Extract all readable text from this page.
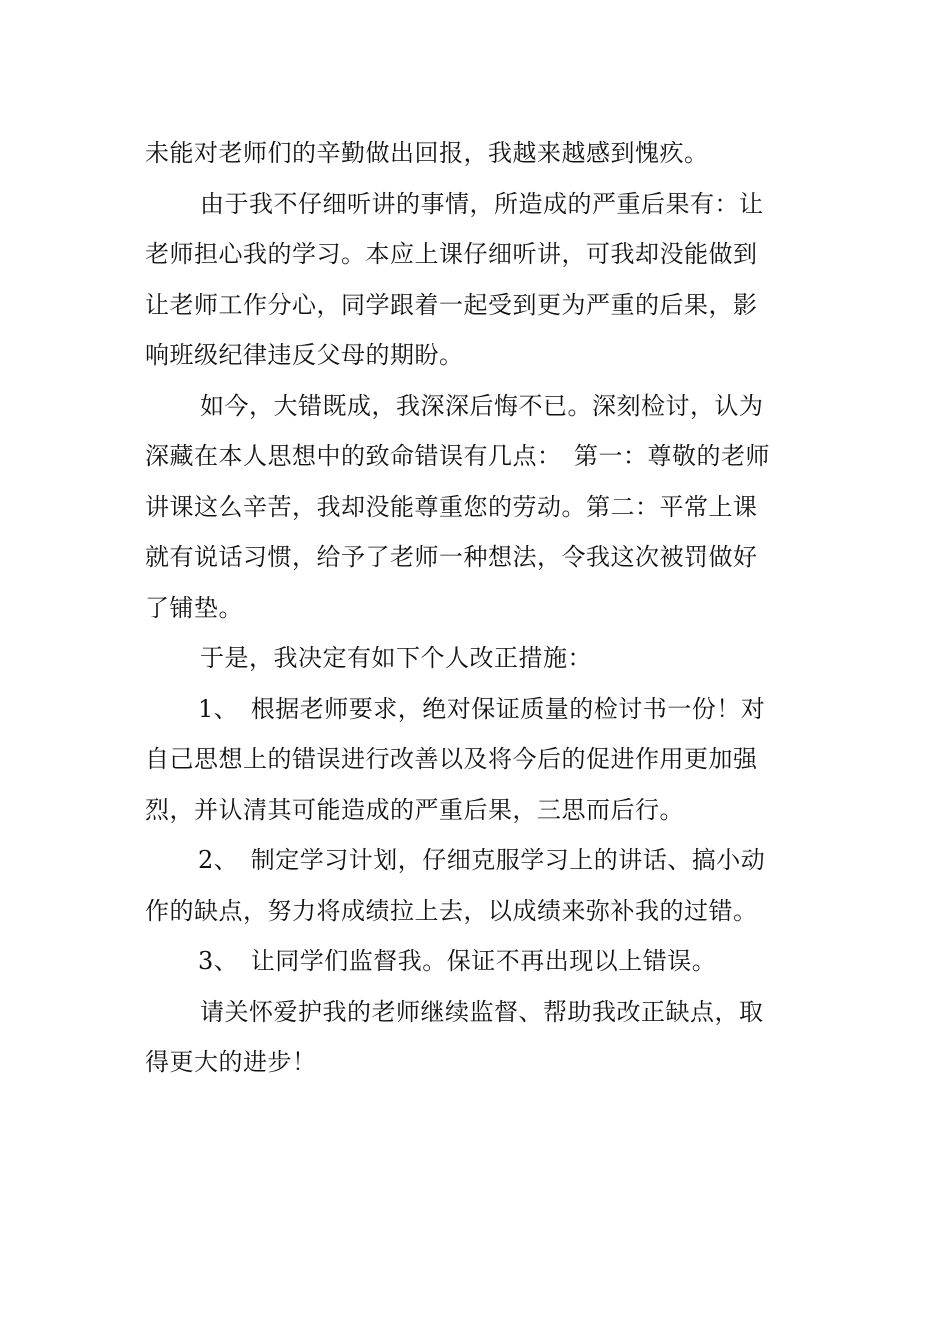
未能对老师们的辛勤做出回报，我越来越感到愧疚。
由于我不仔细听讲的事情，所造成的严重后果有：让
老师担心我的学习。本应上课仔细听讲，可我却没能做到
让老师工作分心，同学跟着一起受到更为严重的后果，影
响班级纪律违反父母的期盼。
如今，大错既成，我深深后悔不已。深刻检讨，认为
深藏在本人思想中的致命错误有几点：　第一：尊敬的老师
讲课这么辛苦，我却没能尊重您的劳动。第二：平常上课
就有说话习惯，给予了老师一种想法，令我这次被罚做好
了铺垫。
于是，我决定有如下个人改正措施：
1、　根据老师要求，绝对保证质量的检讨书一份！对
自己思想上的错误进行改善以及将今后的促进作用更加强
烈，并认清其可能造成的严重后果，三思而后行。
2、　制定学习计划，仔细克服学习上的讲话、搞小动
作的缺点，努力将成绩拉上去，以成绩来弥补我的过错。
3、　让同学们监督我。保证不再出现以上错误。
请关怀爱护我的老师继续监督、帮助我改正缺点，取
得更大的进步！
